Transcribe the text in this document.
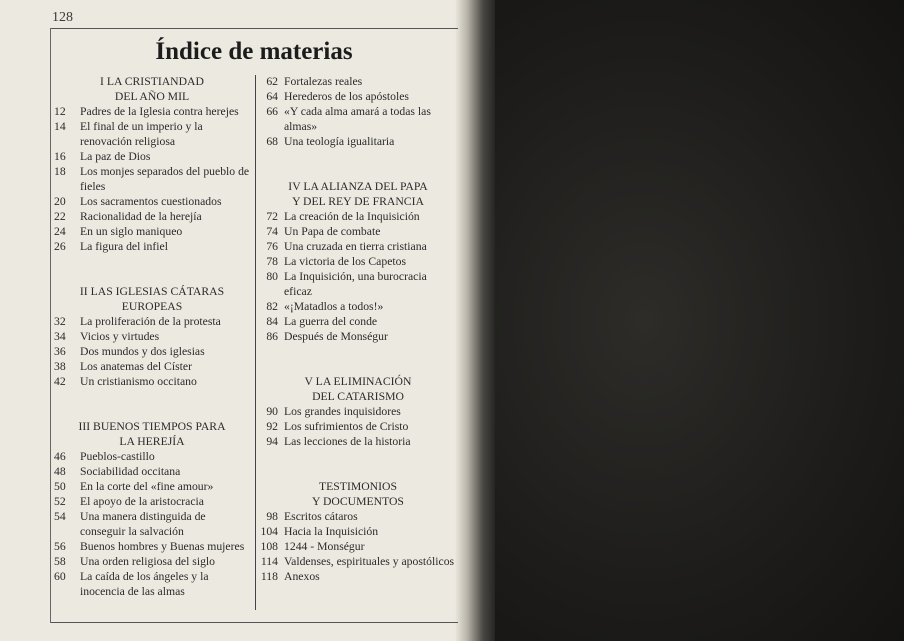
128
Índice de materias

I LA CRISTIANDAD

DEL AÑO MIL

12	Padres de la Iglesia contra herejes
14	El final de un imperio y la renovación religiosa
16	La paz de Dios
18	Los monjes separados del pueblo de fieles
20	Los sacramentos cuestionados
22	Racionalidad de la herejía
24	En un siglo maniqueo
26	La figura del infiel

II LAS IGLESIAS CÁTARAS

EUROPEAS

32	La proliferación de la protesta
34	Vicios y virtudes
36	Dos mundos y dos iglesias
38	Los anatemas del Císter
42	Un cristianismo occitano

III BUENOS TIEMPOS PARA

LA HEREJÍA

46	Pueblos-castillo
48	Sociabilidad occitana
50	En la corte del «fine amour»
52	El apoyo de la aristocracia
54	Una manera distinguida de conseguir la salvación
56	Buenos hombres y Buenas mujeres
58	Una orden religiosa del siglo
60	La caída de los ángeles y la inocencia de las almas
62 Fortalezas reales
64 Herederos de los apóstoles
66 «Y cada alma amará a todas las almas»
68 Una teología igualitaria

IV LA ALIANZA DEL PAPA

Y DEL REY DE FRANCIA

72 La creación de la Inquisición
74 Un Papa de combate
76 Una cruzada en tierra cristiana
78 La victoria de los Capetos
80 La Inquisición, una burocracia eficaz
82 «¡Matadlos a todos!»
84 La guerra del conde
86 Después de Monségur

V LA ELIMINACIÓN

DEL CATARISMO

90 Los grandes inquisidores
92 Los sufrimientos de Cristo
94 Las lecciones de la historia

TESTIMONIOS

Y DOCUMENTOS

98 Escritos cátaros
104 Hacia la Inquisición
108 1244 - Monségur
114 Valdenses, espirituales y apostólicos
118 Anexos
